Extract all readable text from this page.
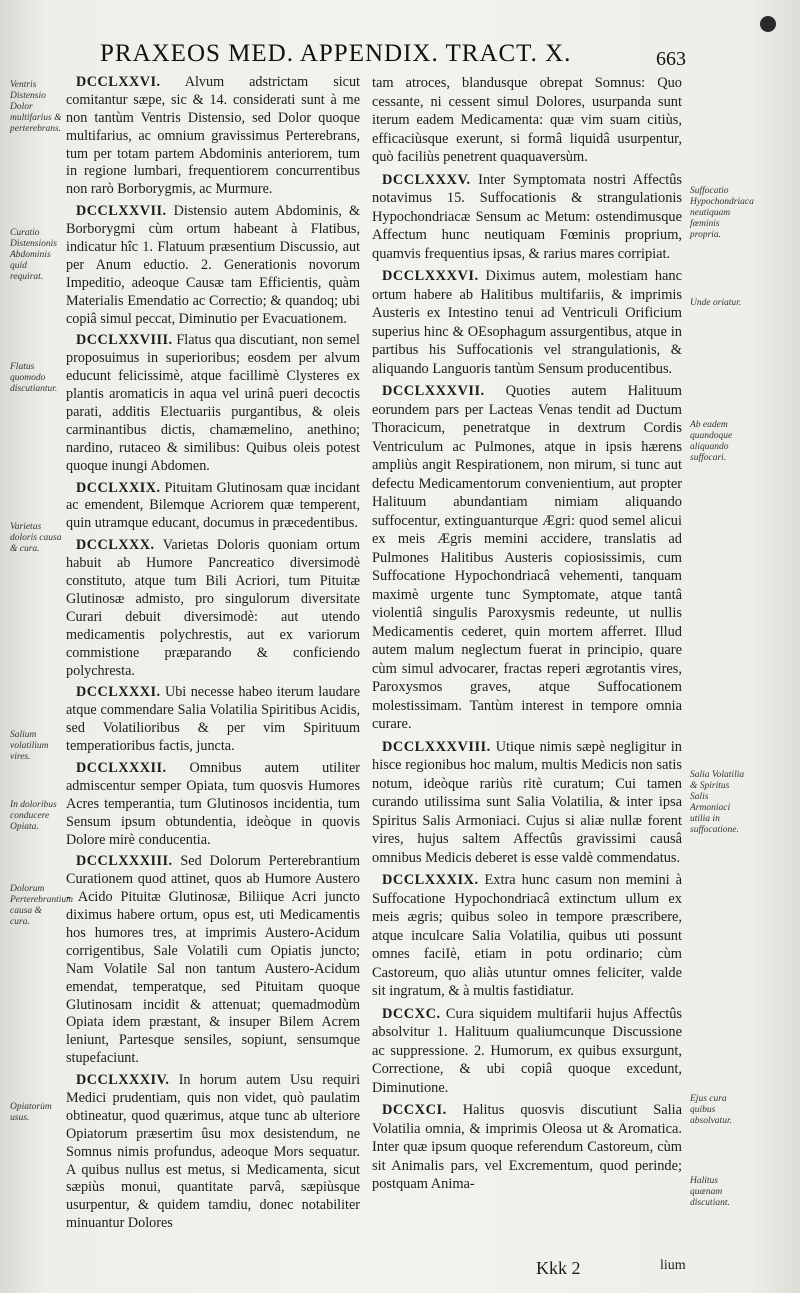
PRAXEOS MED. APPENDIX. TRACT. X.	663

DCCLXXVI. Alvum adstrictam sicut comitantur sæpe, sic & 14. considerati sunt à me non tantùm Ventris Distensio, sed Dolor quoque multifarius, ac omnium gravissimus Perterebrans, tum per totam partem Abdominis anteriorem, tum in regione lumbari, frequentiorem concurrentibus non rarò Borborygmis, ac Murmure.

DCCLXXVII. Distensio autem Abdominis, & Borborygmi cùm ortum habeant à Flatibus, indicatur hîc 1. Flatuum præsentium Discussio, aut per Anum eductio. 2. Generationis novorum Impeditio, adeoque Causæ tam Efficientis, quàm Materialis Emendatio ac Correctio; & quandoq; ubi copiâ simul peccat, Diminutio per Evacuationem.

DCCLXXVIII. Flatus qua discutiant, non semel proposuimus in superioribus; eosdem per alvum educunt felicissimè, atque facillimè Clysteres ex plantis aromaticis in aqua vel urinâ pueri decoctis parati, additis Electuariis purgantibus, & oleis carminantibus dictis, chamæmelino, anethino; nardino, rutaceo & similibus: Quibus oleis potest quoque inungi Abdomen.

DCCLXXIX. Pituitam Glutinosam quæ incidant ac emendent, Bilemque Acriorem quæ temperent, quin utramque educant, documus in præcedentibus.

DCCLXXX. Varietas Doloris quoniam ortum habuit ab Humore Pancreatico diversimodè constituto, atque tum Bili Acriori, tum Pituitæ Glutinosæ admisto, pro singulorum diversitate Curari debuit diversimodè: aut utendo medicamentis polychrestis, aut ex variorum commistione præparando & conficiendo polychresta.

DCCLXXXI. Ubi necesse habeo iterum laudare atque commendare Salia Volatilia Spiritibus Acidis, sed Volatilioribus & per vim Spirituum temperatioribus factis, juncta.

DCCLXXXII. Omnibus autem utiliter admiscentur semper Opiata, tum quosvis Humores Acres temperantia, tum Glutinosos incidentia, tum Sensum ipsum obtundentia, ideòque in quovis Dolore mirè conducentia.

DCCLXXXIII. Sed Dolorum Perterebrantium Curationem quod attinet, quos ab Humore Austero - Acido Pituitæ Glutinosæ, Biliique Acri juncto diximus habere ortum, opus est, uti Medicamentis hos humores tres, at imprimis Austero-Acidum corrigentibus, Sale Volatili cum Opiatis juncto; Nam Volatile Sal non tantum Austero-Acidum emendat, temperatque, sed Pituitam quoque Glutinosam incidit & attenuat; quemadmodùm Opiata idem præstant, & insuper Bilem Acrem leniunt, Partesque sensiles, sopiunt, sensumque stupefaciunt.

DCCLXXXIV. In horum autem Usu requiri Medici prudentiam, quis non videt, quò paulatim obtineatur, quod quærimus, atque tunc ab ulteriore Opiatorum præsertim ûsu mox desistendum, ne Somnus nimis profundus, adeoque Mors sequatur. A quibus nullus est metus, si Medicamenta, sicut sæpiùs monui, quantitate parvâ, sæpiùsque usurpentur, & quidem tamdiu, donec notabiliter minuantur Dolores

tam atroces, blandusque obrepat Somnus: Quo cessante, ni cessent simul Dolores, usurpanda sunt iterum eadem Medicamenta: quæ vim suam citiùs, efficaciùsque exerunt, si formâ liquidâ usurpentur, quò faciliùs penetrent quaquaversùm.

DCCLXXXV. Inter Symptomata nostri Affectûs notavimus 15. Suffocationis & strangulationis Hypochondriacæ Sensum ac Metum: ostendimusque Affectum hunc neutiquam Fœminis proprium, quamvis frequentius ipsas, & rarius mares corripiat.

DCCLXXXVI. Diximus autem, molestiam hanc ortum habere ab Halitibus multifariis, & imprimis Austeris ex Intestino tenui ad Ventriculi Orificium superius hinc & OEsophagum assurgentibus, atque in partibus his Suffocationis vel strangulationis, & aliquando Languoris tantùm Sensum producentibus.

DCCLXXXVII. Quoties autem Halituum eorundem pars per Lacteas Venas tendit ad Ductum Thoracicum, penetratque in dextrum Cordis Ventriculum ac Pulmones, atque in ipsis hærens ampliùs angit Respirationem, non mirum, si tunc aut defectu Medicamentorum convenientium, aut propter Halituum abundantiam nimiam aliquando suffocentur, extinguanturque Ægri: quod semel alicui ex meis Ægris memini accidere, translatis ad Pulmones Halitibus Austeris copiosissimis, cum Suffocatione Hypochondriacâ vehementi, tanquam maximè urgente tunc Symptomate, atque tantâ violentiâ singulis Paroxysmis redeunte, ut nullis Medicamentis cederet, quin mortem afferret. Illud autem malum neglectum fuerat in principio, quare cùm simul advocarer, fractas reperi ægrotantis vires, Paroxysmos graves, atque Suffocationem molestissimam. Tantùm interest in tempore omnia curare.

DCCLXXXVIII. Utique nimis sæpè negligitur in hisce regionibus hoc malum, multis Medicis non satis notum, ideòque rariùs ritè curatum; Cui tamen curando utilissima sunt Salia Volatilia, & inter ipsa Spiritus Salis Armoniaci. Cujus si aliæ nullæ forent vires, hujus saltem Affectûs gravissimi causâ omnibus Medicis deberet is esse valdè commendatus.

DCCLXXXIX. Extra hunc casum non memini à Suffocatione Hypochondriacâ extinctum ullum ex meis ægris; quibus soleo in tempore præscribere, atque inculcare Salia Volatilia, quibus uti possunt omnes faciIè, etiam in potu ordinario; cùm Castoreum, quo aliàs utuntur omnes feliciter, valde sit ingratum, & à multis fastidiatur.

DCCXC. Cura siquidem multifarii hujus Affectûs absolvitur 1. Halituum qualiumcunque Discussione ac suppressione. 2. Humorum, ex quibus exsurgunt, Correctione, & ubi copiâ quoque excedunt, Diminutione.

DCCXCI. Halitus quosvis discutiunt Salia Volatilia omnia, & imprimis Oleosa ut & Aromatica. Inter quæ ipsum quoque referendum Castoreum, cùm sit Animalis pars, vel Excrementum, quod perinde; postquam Anima-

Ventris Distensio Dolor multifarius & perterebrans.
Curatio Distensionis Abdominis quid requirat.
Flatus quomodo discutiantur.
Varietas doloris causa & cura.
Salium volatilium vires.
In doloribus conducere Opiata.
Dolorum Perterebrantium causa & cura.
Opiatorùm usus.
Suffocatio Hypochondriaca neutiquam fœminis propria.
Unde oriatur.
Ab eadem quandoque aliquando suffocari.
Salia Volatilia & Spiritus Salis Armoniaci utilia in suffocatione.
Ejus cura quibus absolvatur.
Halitus quænam discutiant.
Kkk 2	lium
